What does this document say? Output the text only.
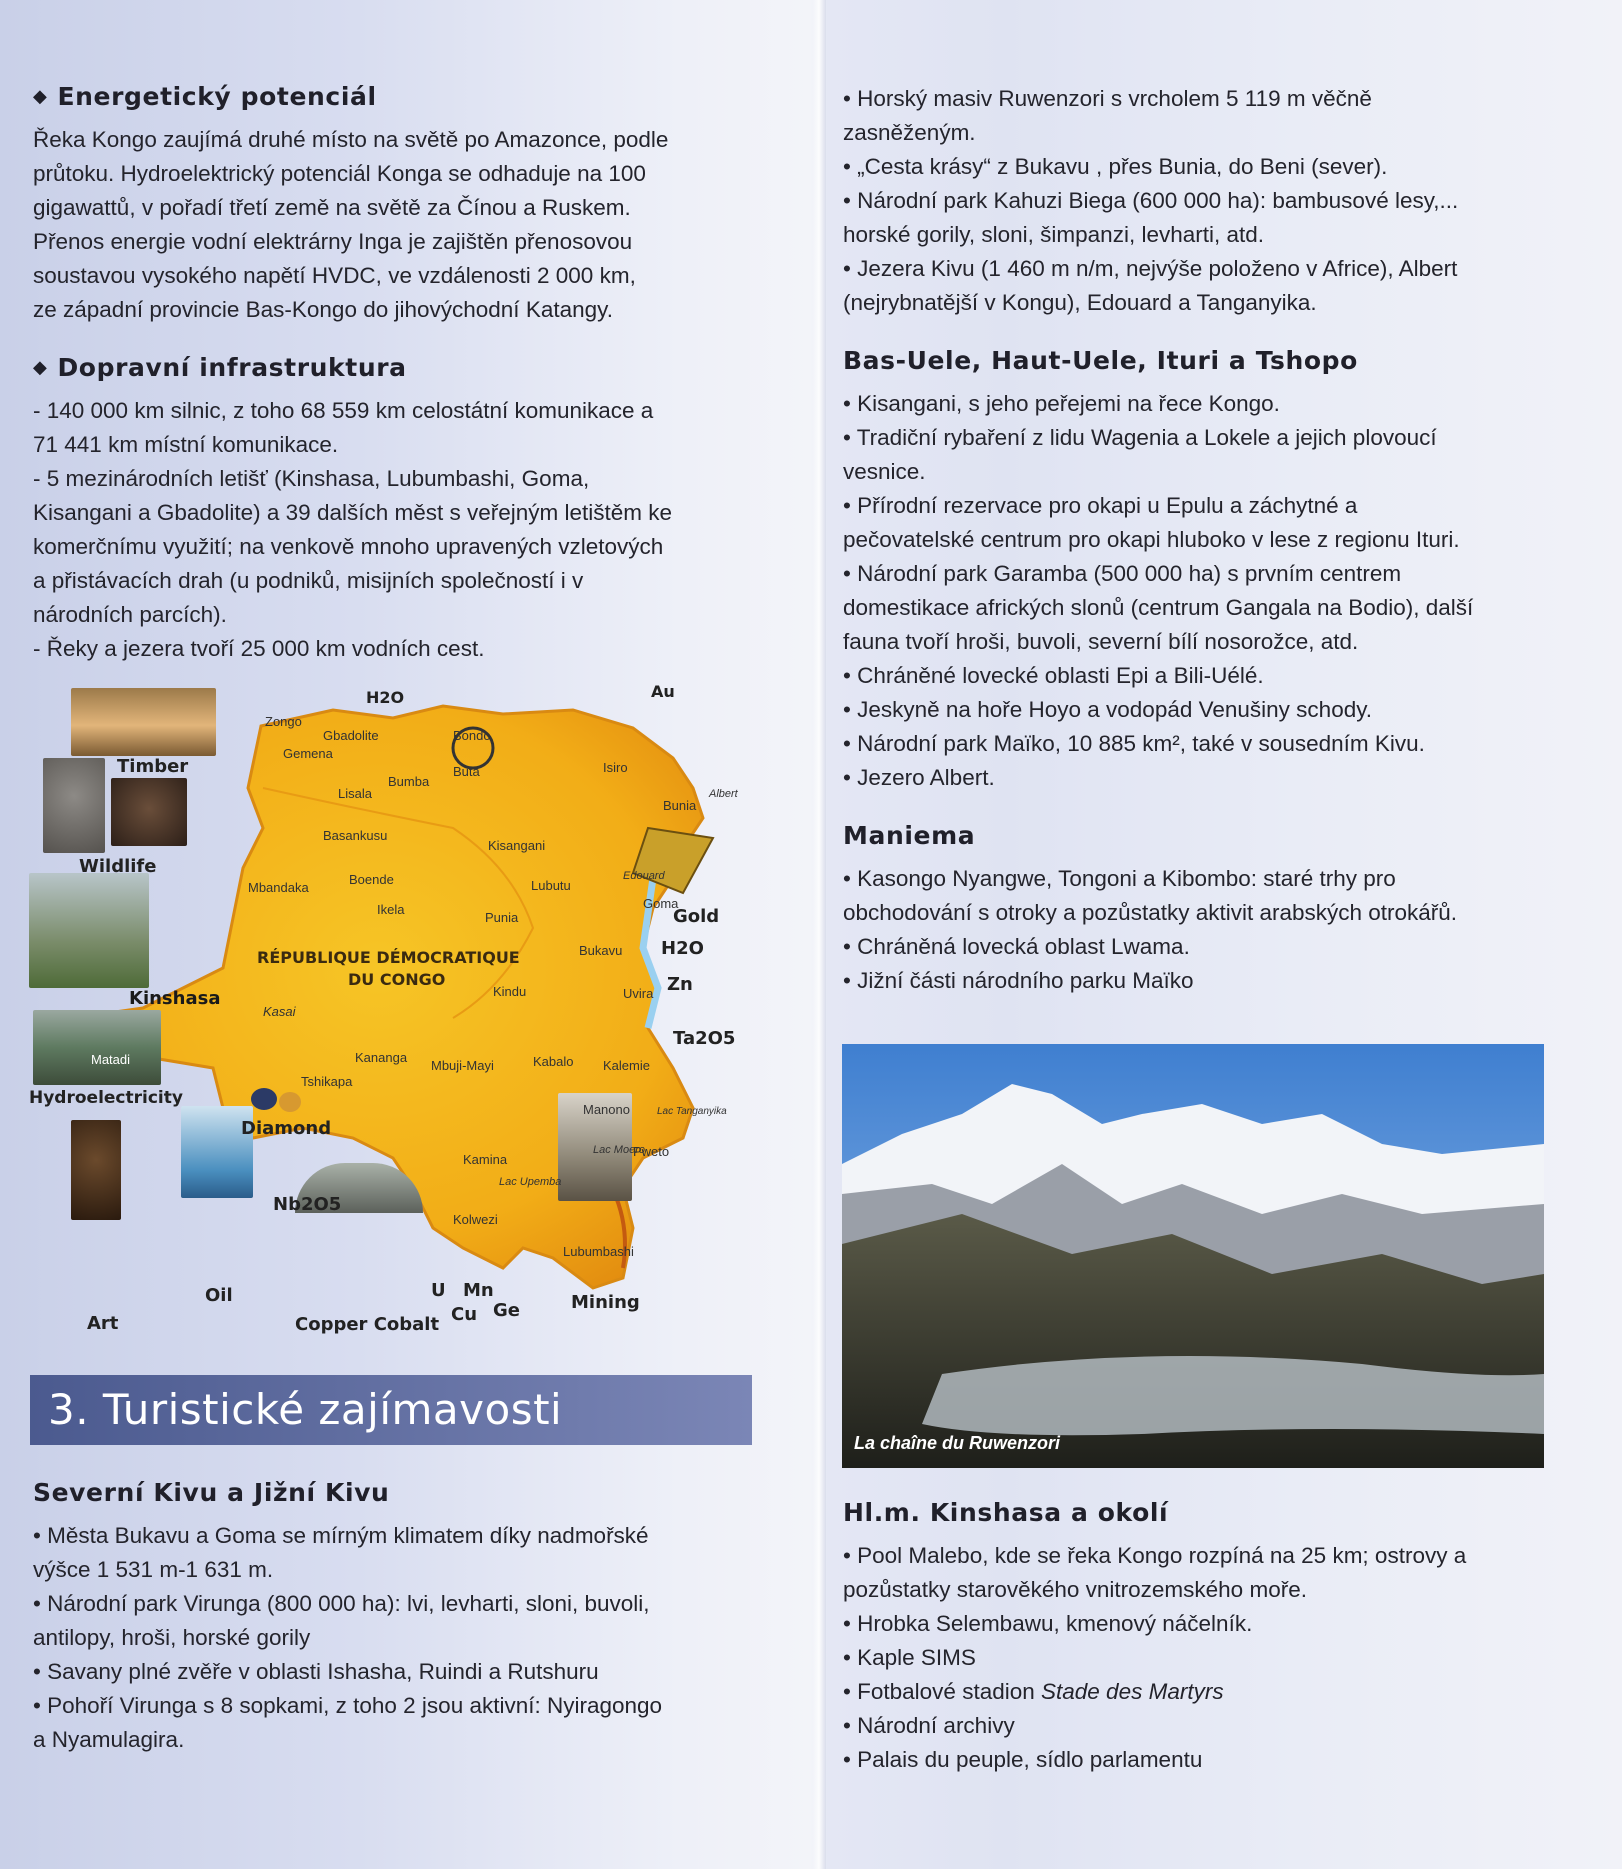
◆ Energetický potenciál
Řeka Kongo zaujímá druhé místo na světě po Amazonce, podle
průtoku. Hydroelektrický potenciál Konga se odhaduje na 100
gigawattů, v pořadí třetí země na světě za Čínou a Ruskem.
Přenos energie vodní elektrárny Inga je zajištěn přenosovou
soustavou vysokého napětí HVDC, ve vzdálenosti 2 000 km,
ze západní provincie Bas-Kongo do jihovýchodní Katangy.
◆ Dopravní infrastruktura
- 140 000 km silnic, z toho 68 559 km celostátní komunikace a
71 441 km místní komunikace.
- 5 mezinárodních letišť (Kinshasa, Lubumbashi, Goma,
Kisangani a Gbadolite) a 39 dalších měst s veřejným letištěm ke
komerčnímu využití; na venkově mnoho upravených vzletových
a přistávacích drah (u podniků, misijních společností i v
národních parcích).
- Řeky a jezera tvoří 25 000 km vodních cest.
Timber
Wildlife
Kinshasa
Hydroelectricity
Diamond
Nb2O5
Art
Oil
Copper Cobalt
U Mn
Cu Ge	Mining
Ta2O5
Zn
H2O
Gold
H2O	Au
RÉPUBLIQUE DÉMOCRATIQUE
DU CONGO
Zongo
Gbadolite
Gemena
Bondo
Buta	Isiro
Lisala
Bumba
Basankusu
Kisangani
Bunia
Boende
Mbandaka
Ikela
Lubutu
Punia
Goma
Bukavu
Uvira
Kindu
Kasai
Kananga
Mbuji-Mayi	Kabalo Kalemie
Tshikapa
Manono
Pweto
Kamina
Kolwezi
Lubumbashi
Matadi
Lac Moero
Lac Upemba
Lac Tanganyika
Albert
Edouard
3. Turistické zajímavosti
Severní Kivu a Jižní Kivu
• Města Bukavu a Goma se mírným klimatem díky nadmořské
výšce 1 531 m-1 631 m.
• Národní park Virunga (800 000 ha): lvi, levharti, sloni, buvoli,
antilopy, hroši, horské gorily
• Savany plné zvěře v oblasti Ishasha, Ruindi a Rutshuru
• Pohoří Virunga s 8 sopkami, z toho 2 jsou aktivní: Nyiragongo
a Nyamulagira.
• Horský masiv Ruwenzori s vrcholem 5 119 m věčně
zasněženým.
• „Cesta krásy“ z Bukavu , přes Bunia, do Beni (sever).
• Národní park Kahuzi Biega (600 000 ha): bambusové lesy,...
horské gorily, sloni, šimpanzi, levharti, atd.
• Jezera Kivu (1 460 m n/m, nejvýše položeno v Africe), Albert
(nejrybnatější v Kongu), Edouard a Tanganyika.
Bas-Uele, Haut-Uele, Ituri a Tshopo
• Kisangani, s jeho peřejemi na řece Kongo.
• Tradiční rybaření z lidu Wagenia a Lokele a jejich plovoucí
vesnice.
• Přírodní rezervace pro okapi u Epulu a záchytné a
pečovatelské centrum pro okapi hluboko v lese z regionu Ituri.
• Národní park Garamba (500 000 ha) s prvním centrem
domestikace afrických slonů (centrum Gangala na Bodio), další
fauna tvoří hroši, buvoli, severní bílí nosorožce, atd.
• Chráněné lovecké oblasti Epi a Bili-Uélé.
• Jeskyně na hoře Hoyo a vodopád Venušiny schody.
• Národní park Maïko, 10 885 km², také v sousedním Kivu.
• Jezero Albert.
Maniema
• Kasongo Nyangwe, Tongoni a Kibombo: staré trhy pro
obchodování s otroky a pozůstatky aktivit arabských otrokářů.
• Chráněná lovecká oblast Lwama.
• Jižní části národního parku Maïko
La chaîne du Ruwenzori
Hl.m. Kinshasa a okolí
• Pool Malebo, kde se řeka Kongo rozpíná na 25 km; ostrovy a
pozůstatky starověkého vnitrozemského moře.
• Hrobka Selembawu, kmenový náčelník.
• Kaple SIMS
• Fotbalové stadion Stade des Martyrs
• Národní archivy
• Palais du peuple, sídlo parlamentu
